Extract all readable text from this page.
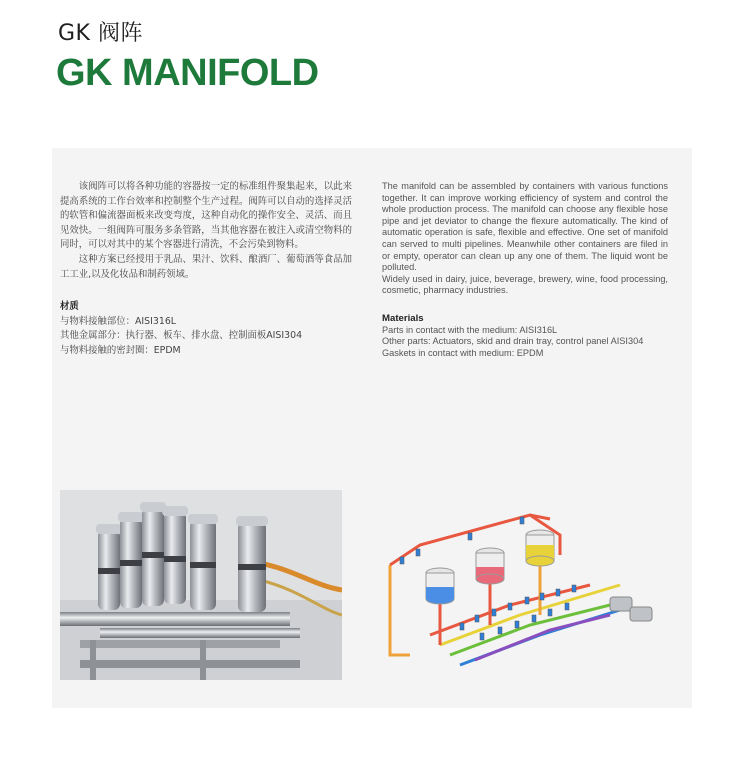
GK 阀阵
GK MANIFOLD

该阀阵可以将各种功能的容器按一定的标准组件聚集起来，以此来提高系统的工作台效率和控制整个生产过程。阀阵可以自动的选择灵活的软管和偏流器面板来改变弯度，这种自动化的操作安全、灵活、而且见效快。一组阀阵可服务多条管路，当其他容器在被注入或清空物料的同时，可以对其中的某个容器进行清洗，不会污染到物料。

这种方案已经授用于乳品、果汁、饮料、酿酒厂、葡萄酒等食品加工工业,以及化妆品和制药领域。

材质

与物料接触部位：AISI316L

其他金属部分：执行器、板车、排水盘、控制面板AISI304

与物料接触的密封圈：EPDM

The manifold can be assembled by containers with various functions together. It can improve working efficiency of system and control the whole production process. The manifold can choose any flexible hose pipe and jet deviator to change the flexure automatically. The kind of automatic operation is safe, flexible and effective. One set of manifold can served to multi pipelines. Meanwhile other containers are filed in or empty, operator can clean up any one of them. The liquid wont be polluted.

Widely used in dairy, juice, beverage, brewery, wine, food processing, cosmetic, pharmacy industries.

Materials

Parts in contact with the medium: AISI316L

Other parts: Actuators, skid and drain tray, control panel AISI304

Gaskets in contact with medium: EPDM
